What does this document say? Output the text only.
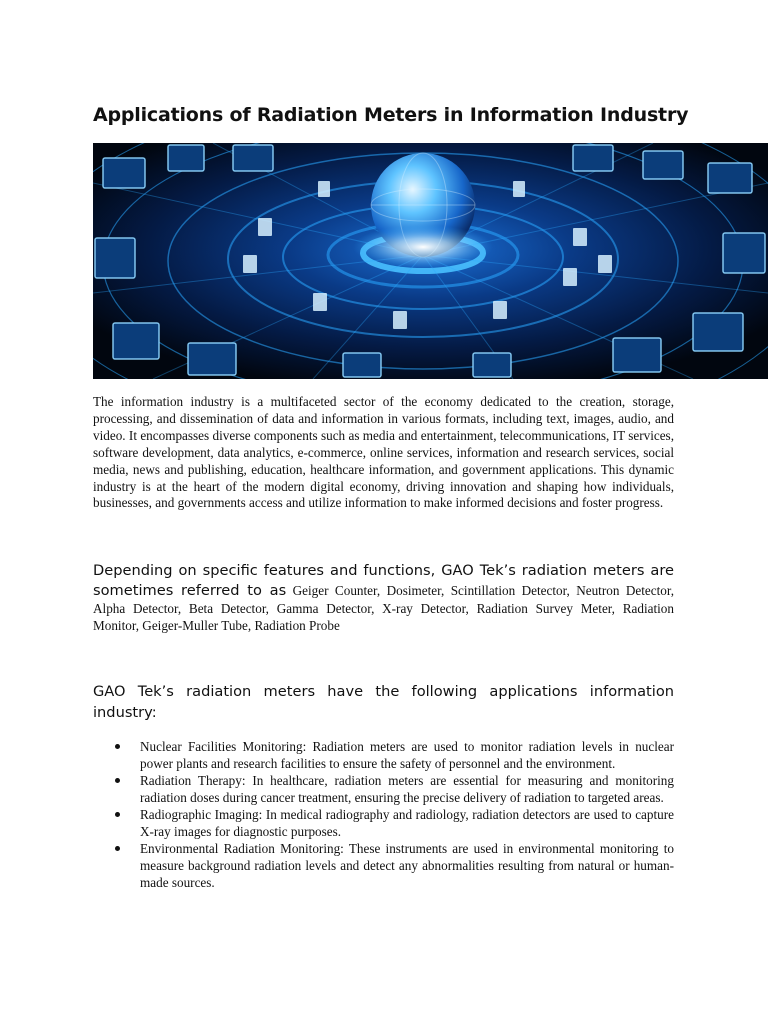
Applications of Radiation Meters in Information Industry
The information industry is a multifaceted sector of the economy dedicated to the creation, storage, processing, and dissemination of data and information in various formats, including text, images, audio, and video. It encompasses diverse components such as media and entertainment, telecommunications, IT services, software development, data analytics, e-commerce, online services, information and research services, social media, news and publishing, education, healthcare information, and government applications. This dynamic industry is at the heart of the modern digital economy, driving innovation and shaping how individuals, businesses, and governments access and utilize information to make informed decisions and foster progress.
Depending on specific features and functions, GAO Tek’s radiation meters are sometimes referred to as Geiger Counter, Dosimeter, Scintillation Detector, Neutron Detector, Alpha Detector, Beta Detector, Gamma Detector, X-ray Detector, Radiation Survey Meter, Radiation Monitor, Geiger-Muller Tube, Radiation Probe
GAO Tek’s radiation meters have the following applications information industry:
Nuclear Facilities Monitoring: Radiation meters are used to monitor radiation levels in nuclear power plants and research facilities to ensure the safety of personnel and the environment.
Radiation Therapy: In healthcare, radiation meters are essential for measuring and monitoring radiation doses during cancer treatment, ensuring the precise delivery of radiation to targeted areas.
Radiographic Imaging: In medical radiography and radiology, radiation detectors are used to capture X-ray images for diagnostic purposes.
Environmental Radiation Monitoring: These instruments are used in environmental monitoring to measure background radiation levels and detect any abnormalities resulting from natural or human-made sources.
